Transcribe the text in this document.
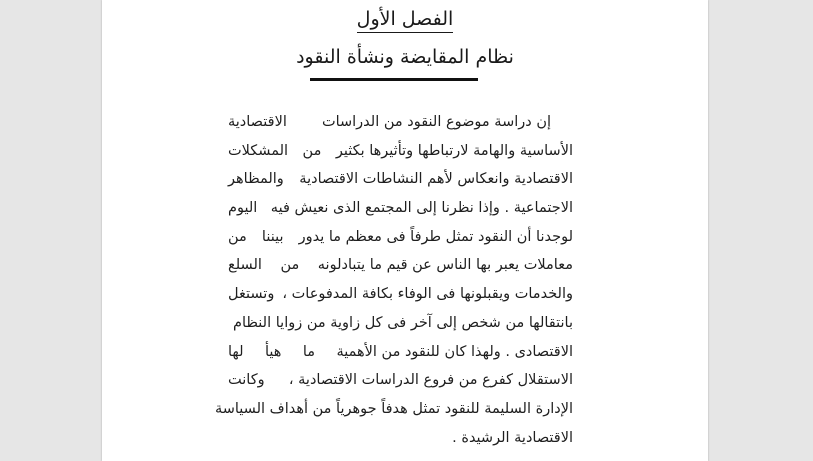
الفصل الأول
نظام المقايضة ونشأة النقود
إن دراسة موضوع النقود من الدراسات
الاقتصادية
الأساسية والهامة لارتباطها وتأثيرها بكثير
من
المشكلات
الاقتصادية وانعكاس لأهم النشاطات الاقتصادية
والمظاهر
الاجتماعية . وإذا نظرنا إلى المجتمع الذى نعيش فيه
اليوم
لوجدنا أن النقود تمثل طرفاً فى معظم ما يدور
بيننا
من
معاملات يعبر بها الناس عن قيم ما يتبادلونه
من
السلع
والخدمات ويقبلونها فى الوفاء بكافة المدفوعات ،
وتستغل
بانتقالها من شخص إلى آخر فى كل زاوية من زوايا النظام
الاقتصادى . ولهذا كان للنقود من الأهمية
ما
هيأ
لها
الاستقلال كفرع من فروع الدراسات الاقتصادية ،
وكانت
الإدارة السليمة للنقود تمثل هدفاً جوهرياً من أهداف السياسة
الاقتصادية الرشيدة .
